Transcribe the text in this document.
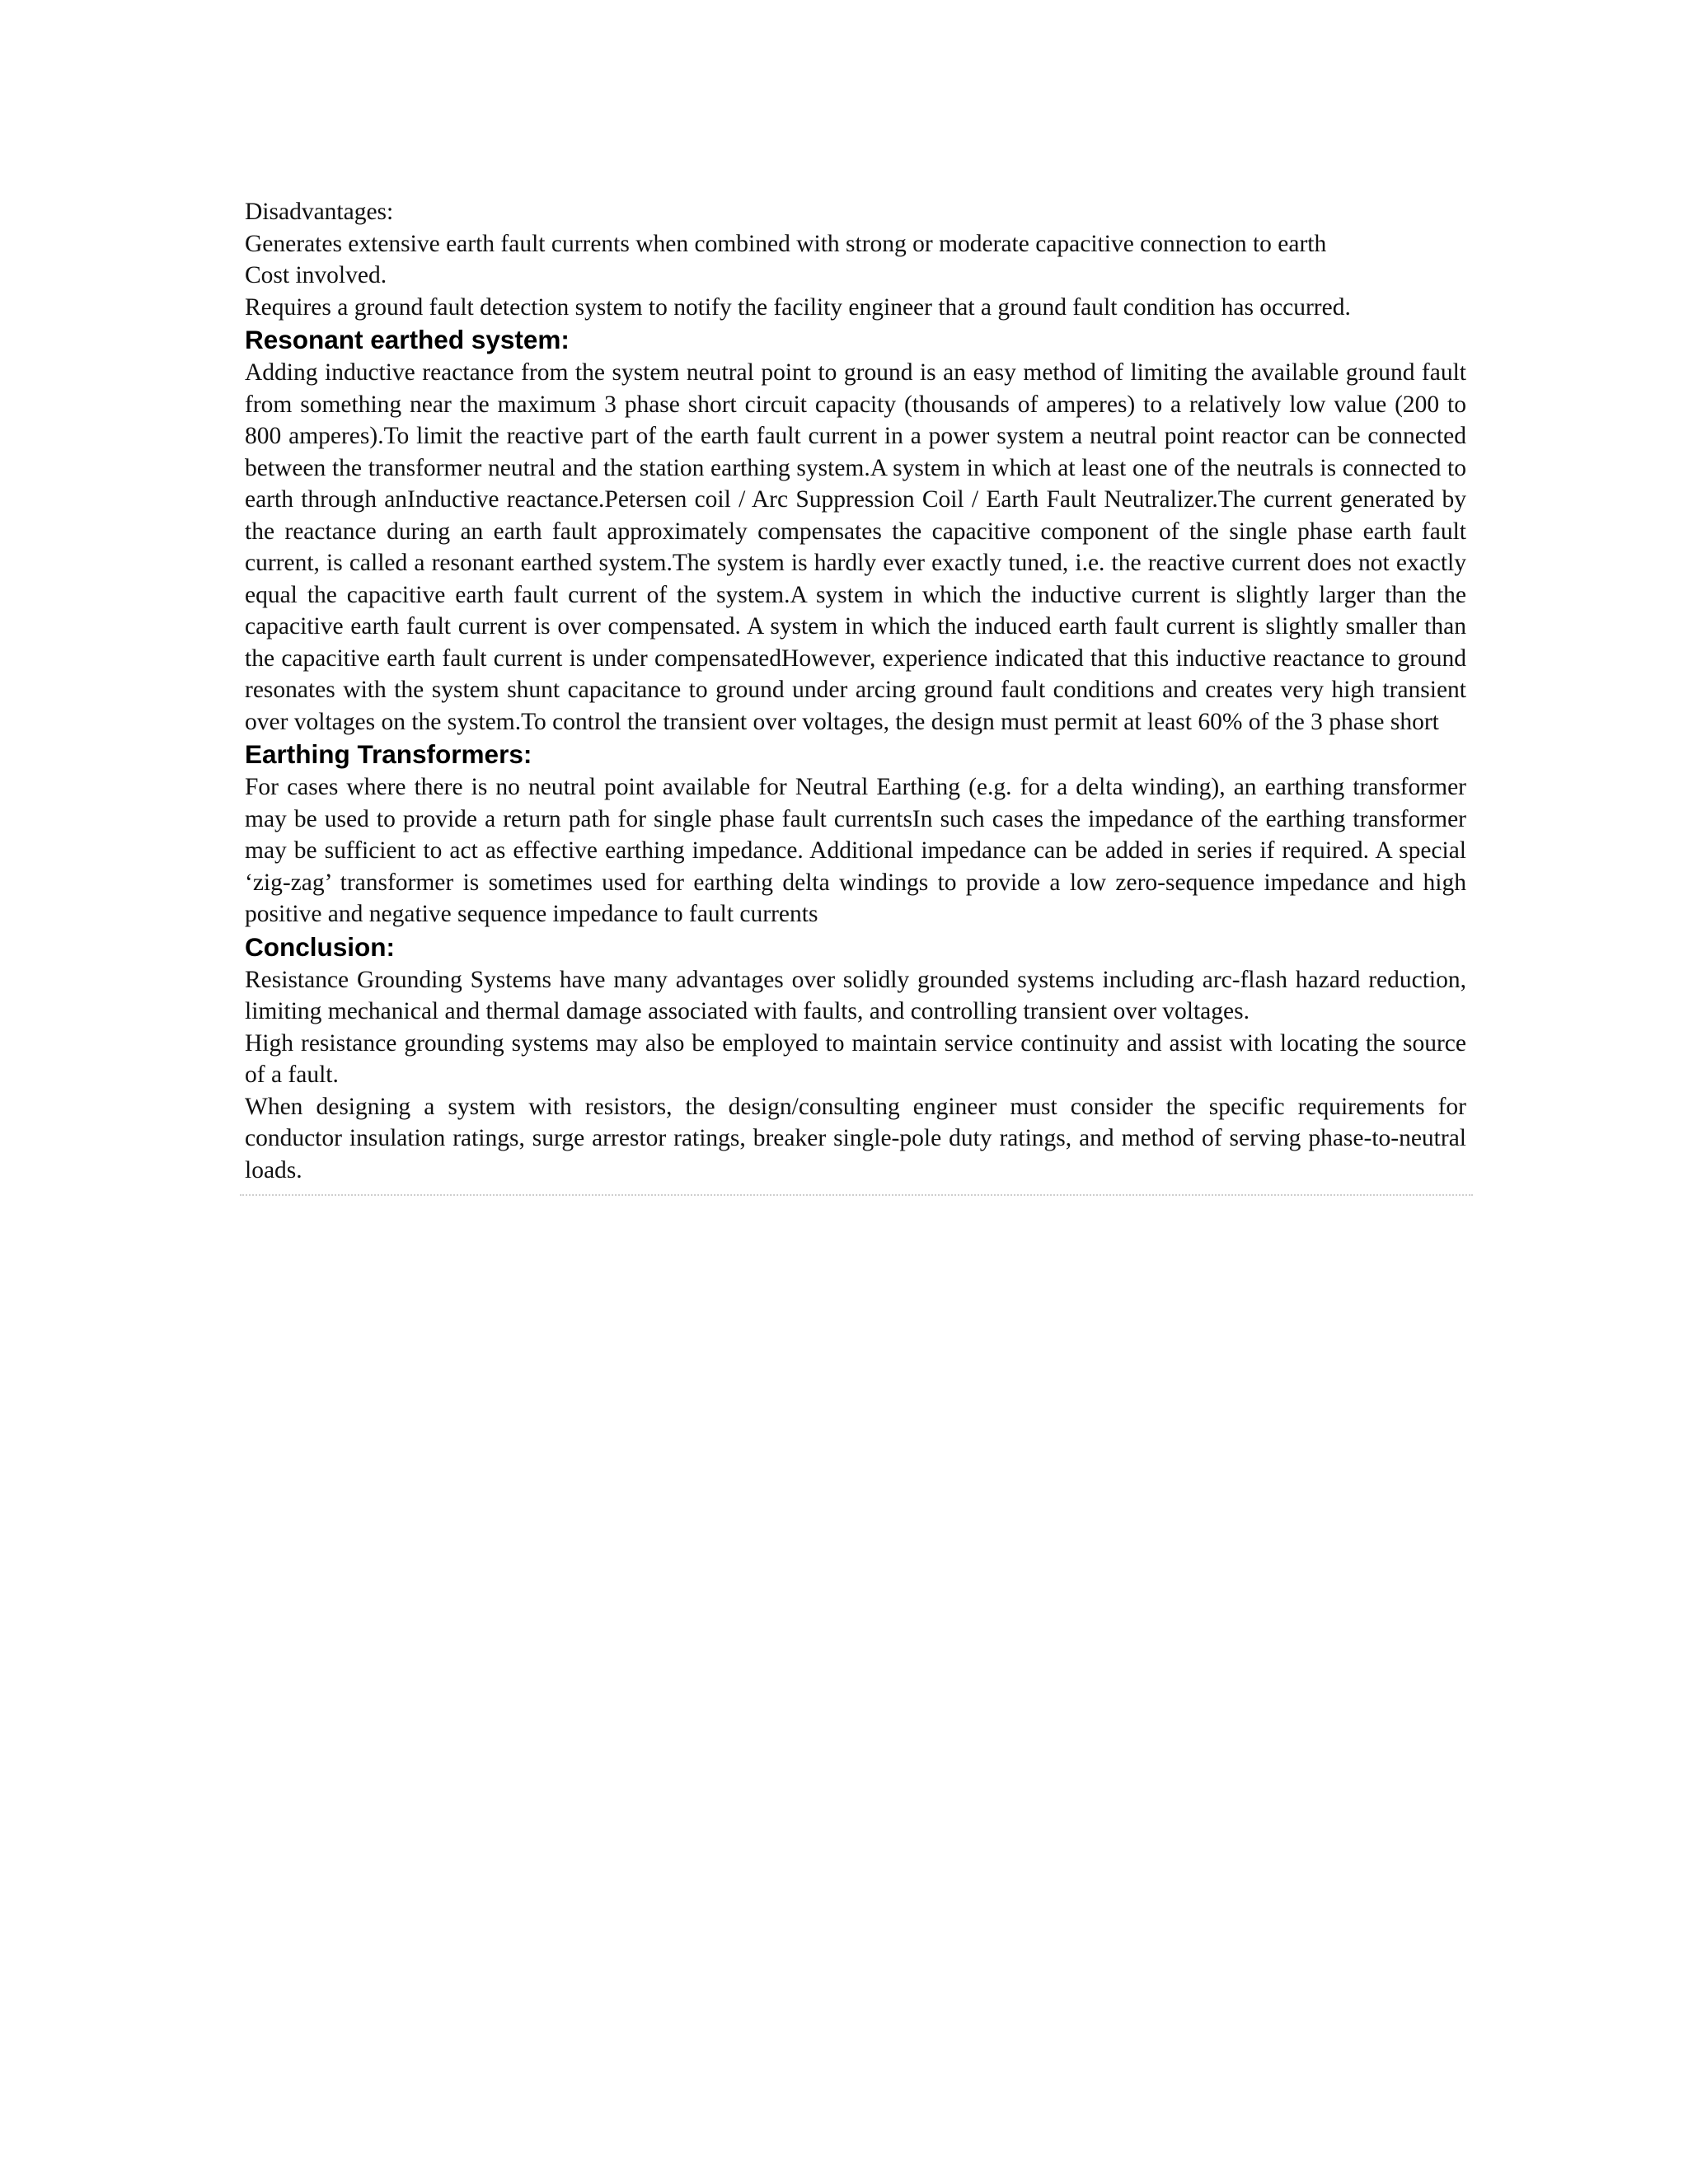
Disadvantages:

Generates extensive earth fault currents when combined with strong or moderate capacitive connection to earth

Cost involved.

Requires a ground fault detection system to notify the facility engineer that a ground fault condition has occurred.

Resonant earthed system:

Adding inductive reactance from the system neutral point to ground is an easy method of limiting the available ground fault from something near the maximum 3 phase short circuit capacity (thousands of amperes) to a relatively low value (200 to 800 amperes).To limit the reactive part of the earth fault current in a power system a neutral point reactor can be connected between the transformer neutral and the station earthing system.A system in which at least one of the neutrals is connected to earth through anInductive reactance.Petersen coil / Arc Suppression Coil / Earth Fault Neutralizer.The current generated by the reactance during an earth fault approximately compensates the capacitive component of the single phase earth fault current, is called a resonant earthed system.The system is hardly ever exactly tuned, i.e. the reactive current does not exactly equal the capacitive earth fault current of the system.A system in which the inductive current is slightly larger than the capacitive earth fault current is over compensated. A system in which the induced earth fault current is slightly smaller than the capacitive earth fault current is under compensatedHowever, experience indicated that this inductive reactance to ground resonates with the system shunt capacitance to ground under arcing ground fault conditions and creates very high transient over voltages on the system.To control the transient over voltages, the design must permit at least 60% of the 3 phase short

Earthing Transformers:

For cases where there is no neutral point available for Neutral Earthing (e.g. for a delta winding), an earthing transformer may be used to provide a return path for single phase fault currentsIn such cases the impedance of the earthing transformer may be sufficient to act as effective earthing impedance. Additional impedance can be added in series if required. A special ‘zig-zag’ transformer is sometimes used for earthing delta windings to provide a low zero-sequence impedance and high positive and negative sequence impedance to fault currents

Conclusion:

Resistance Grounding Systems have many advantages over solidly grounded systems including arc-flash hazard reduction, limiting mechanical and thermal damage associated with faults, and controlling transient over voltages.

High resistance grounding systems may also be employed to maintain service continuity and assist with locating the source of a fault.

When designing a system with resistors, the design/consulting engineer must consider the specific requirements for conductor insulation ratings, surge arrestor ratings, breaker single-pole duty ratings, and method of serving phase-to-neutral loads.
